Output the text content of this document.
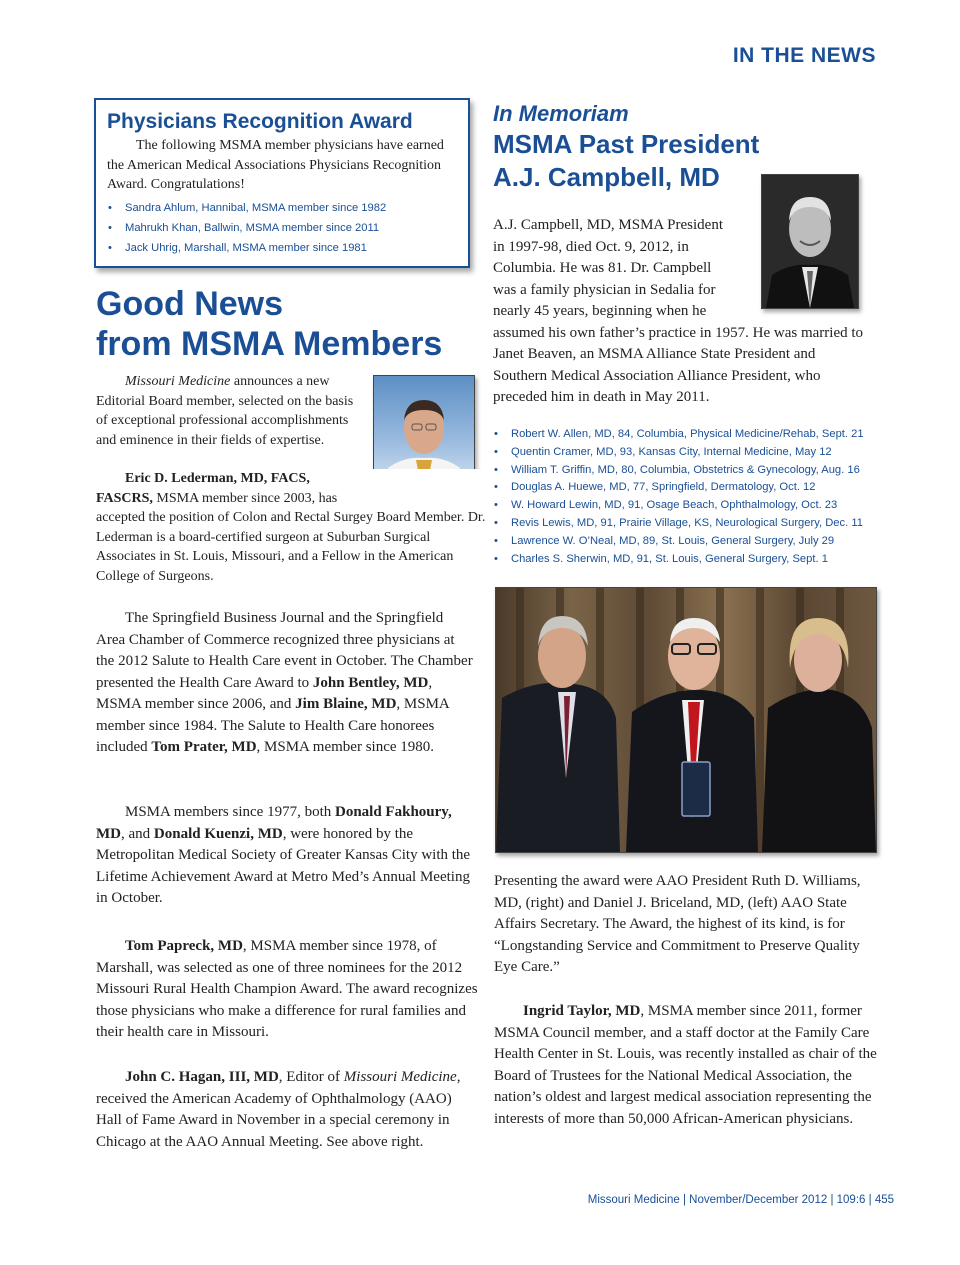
IN THE NEWS
Physicians Recognition Award

The following MSMA member physicians have earned the American Medical Associations Physicians Recognition Award. Congratulations!

• Sandra Ahlum, Hannibal, MSMA member since 1982
• Mahrukh Khan, Ballwin, MSMA member since 2011
• Jack Uhrig, Marshall, MSMA member since 1981
Good News
from MSMA Members

Missouri Medicine announces a new Editorial Board member, selected on the basis of exceptional professional accomplishments and eminence in their fields of expertise.

Eric D. Lederman, MD, FACS, FASCRS, MSMA member since 2003, has accepted the position of Colon and Rectal Surgey Board Member. Dr. Lederman is a board-certified surgeon at Suburban Surgical Associates in St. Louis, Missouri, and a Fellow in the American College of Surgeons.

The Springfield Business Journal and the Springfield Area Chamber of Commerce recognized three physicians at the 2012 Salute to Health Care event in October. The Chamber presented the Health Care Award to John Bentley, MD, MSMA member since 2006, and Jim Blaine, MD, MSMA member since 1984. The Salute to Health Care honorees included Tom Prater, MD, MSMA member since 1980.

MSMA members since 1977, both Donald Fakhoury, MD, and Donald Kuenzi, MD, were honored by the Metropolitan Medical Society of Greater Kansas City with the Lifetime Achievement Award at Metro Med’s Annual Meeting in October.

Tom Papreck, MD, MSMA member since 1978, of Marshall, was selected as one of three nominees for the 2012 Missouri Rural Health Champion Award. The award recognizes those physicians who make a difference for rural families and their health care in Missouri.

John C. Hagan, III, MD, Editor of Missouri Medicine, received the American Academy of Ophthalmology (AAO) Hall of Fame Award in November in a special ceremony in Chicago at the AAO Annual Meeting. See above right.

In Memoriam
MSMA Past President
A.J. Campbell, MD

A.J. Campbell, MD, MSMA President in 1997-98, died Oct. 9, 2012, in Columbia. He was 81. Dr. Campbell was a family physician in Sedalia for nearly 45 years, beginning when he assumed his own father’s practice in 1957. He was married to Janet Beaven, an MSMA Alliance State President and Southern Medical Association Alliance President, who preceded him in death in May 2011.

• Robert W. Allen, MD, 84, Columbia, Physical Medicine/Rehab, Sept. 21
• Quentin Cramer, MD, 93, Kansas City, Internal Medicine, May 12
• William T. Griffin, MD, 80, Columbia, Obstetrics & Gynecology, Aug. 16
• Douglas A. Huewe, MD, 77, Springfield, Dermatology, Oct. 12
• W. Howard Lewin, MD, 91, Osage Beach, Ophthalmology, Oct. 23
• Revis Lewis, MD, 91, Prairie Village, KS, Neurological Surgery, Dec. 11
• Lawrence W. O’Neal, MD, 89, St. Louis, General Surgery, July 29
• Charles S. Sherwin, MD, 91, St. Louis, General Surgery, Sept. 1

Presenting the award were AAO President Ruth D. Williams, MD, (right) and Daniel J. Briceland, MD, (left) AAO State Affairs Secretary. The Award, the highest of its kind, is for “Longstanding Service and Commitment to Preserve Quality Eye Care.”

Ingrid Taylor, MD, MSMA member since 2011, former MSMA Council member, and a staff doctor at the Family Care Health Center in St. Louis, was recently installed as chair of the Board of Trustees for the National Medical Association, the nation’s oldest and largest medical association representing the interests of more than 50,000 African-American physicians.

Missouri Medicine | November/December 2012 | 109:6 | 455
